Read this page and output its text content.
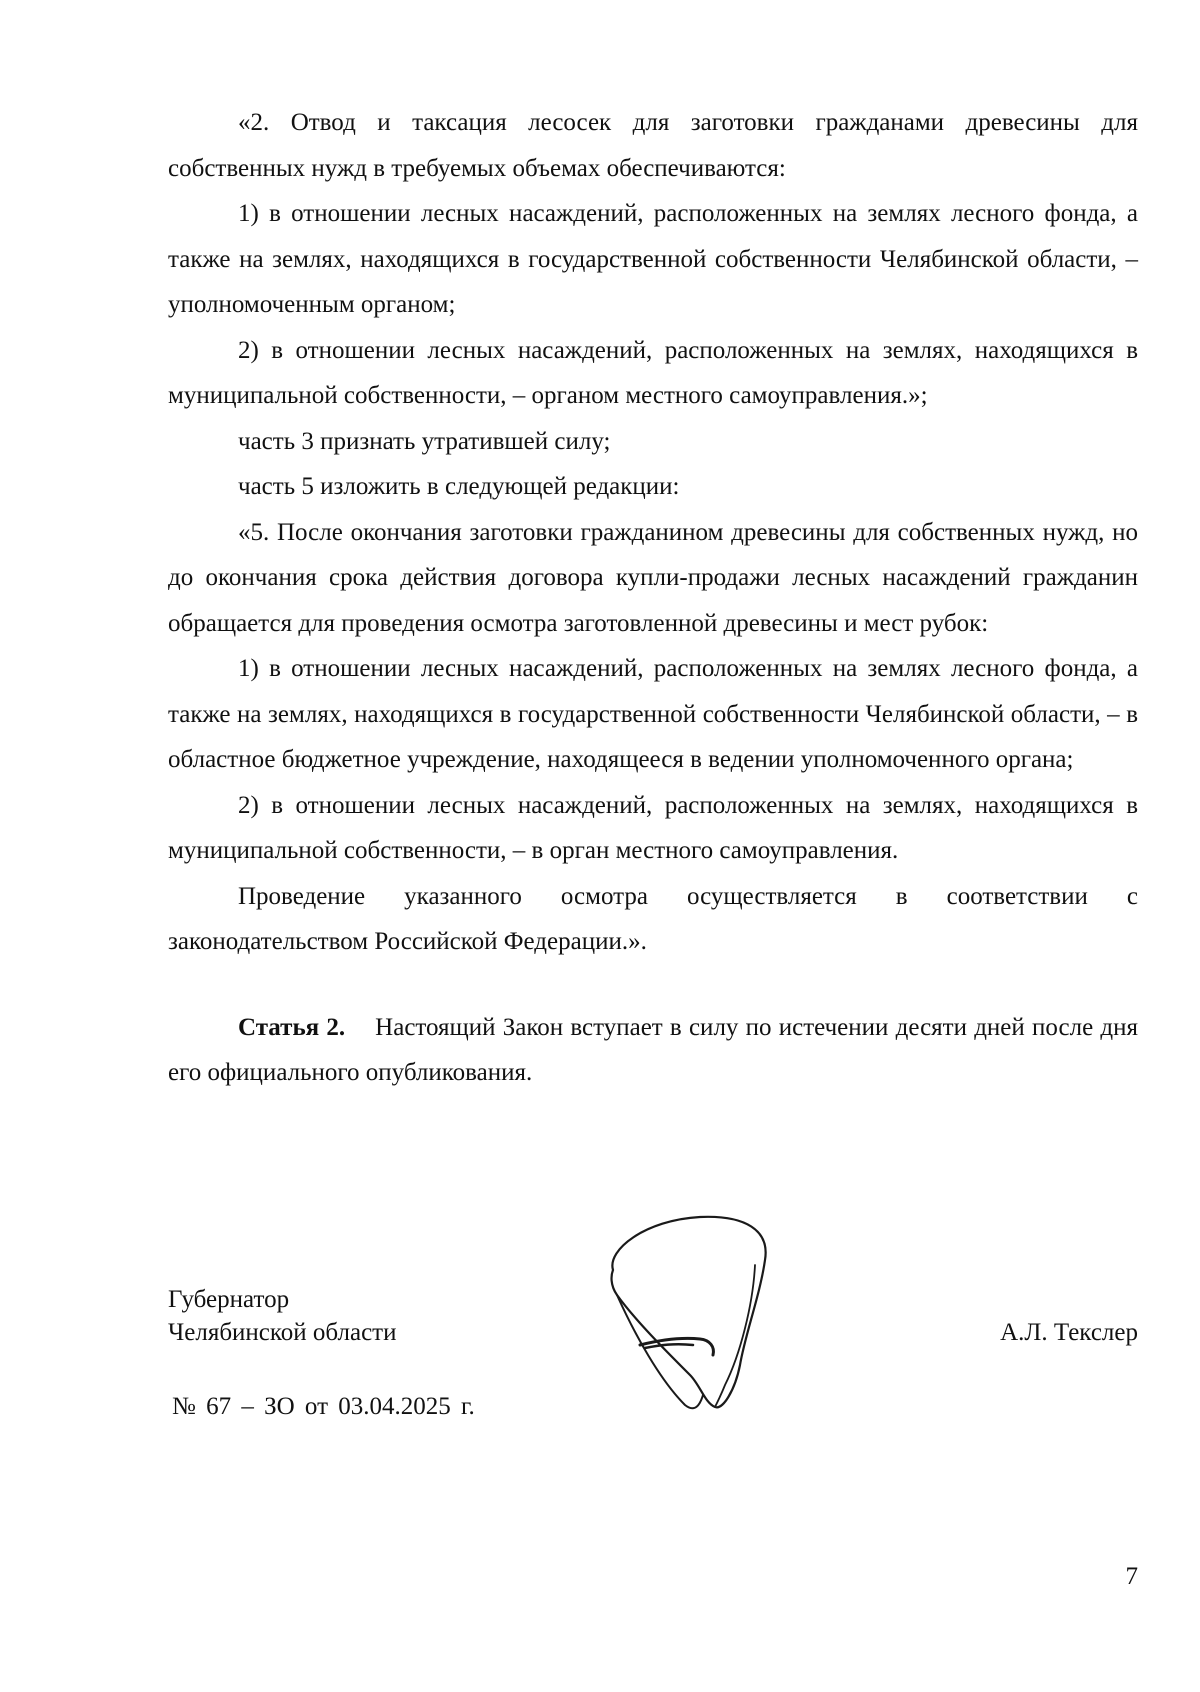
«2. Отвод и таксация лесосек для заготовки гражданами древесины для собственных нужд в требуемых объемах обеспечиваются:

1) в отношении лесных насаждений, расположенных на землях лесного фонда, а также на землях, находящихся в государственной собственности Челябинской области, – уполномоченным органом;

2) в отношении лесных насаждений, расположенных на землях, находящихся в муниципальной собственности, – органом местного самоуправления.»;

часть 3 признать утратившей силу;

часть 5 изложить в следующей редакции:

«5. После окончания заготовки гражданином древесины для собственных нужд, но до окончания срока действия договора купли-продажи лесных насаждений гражданин обращается для проведения осмотра заготовленной древесины и мест рубок:

1) в отношении лесных насаждений, расположенных на землях лесного фонда, а также на землях, находящихся в государственной собственности Челябинской области, – в областное бюджетное учреждение, находящееся в ведении уполномоченного органа;

2) в отношении лесных насаждений, расположенных на землях, находящихся в муниципальной собственности, – в орган местного самоуправления.

Проведение указанного осмотра осуществляется в соответствии с законодательством Российской Федерации.».

Статья 2. Настоящий Закон вступает в силу по истечении десяти дней после дня его официального опубликования.

Губернатор
Челябинской области	А.Л. Текслер
№ 67 – ЗО от 03.04.2025 г.
7
